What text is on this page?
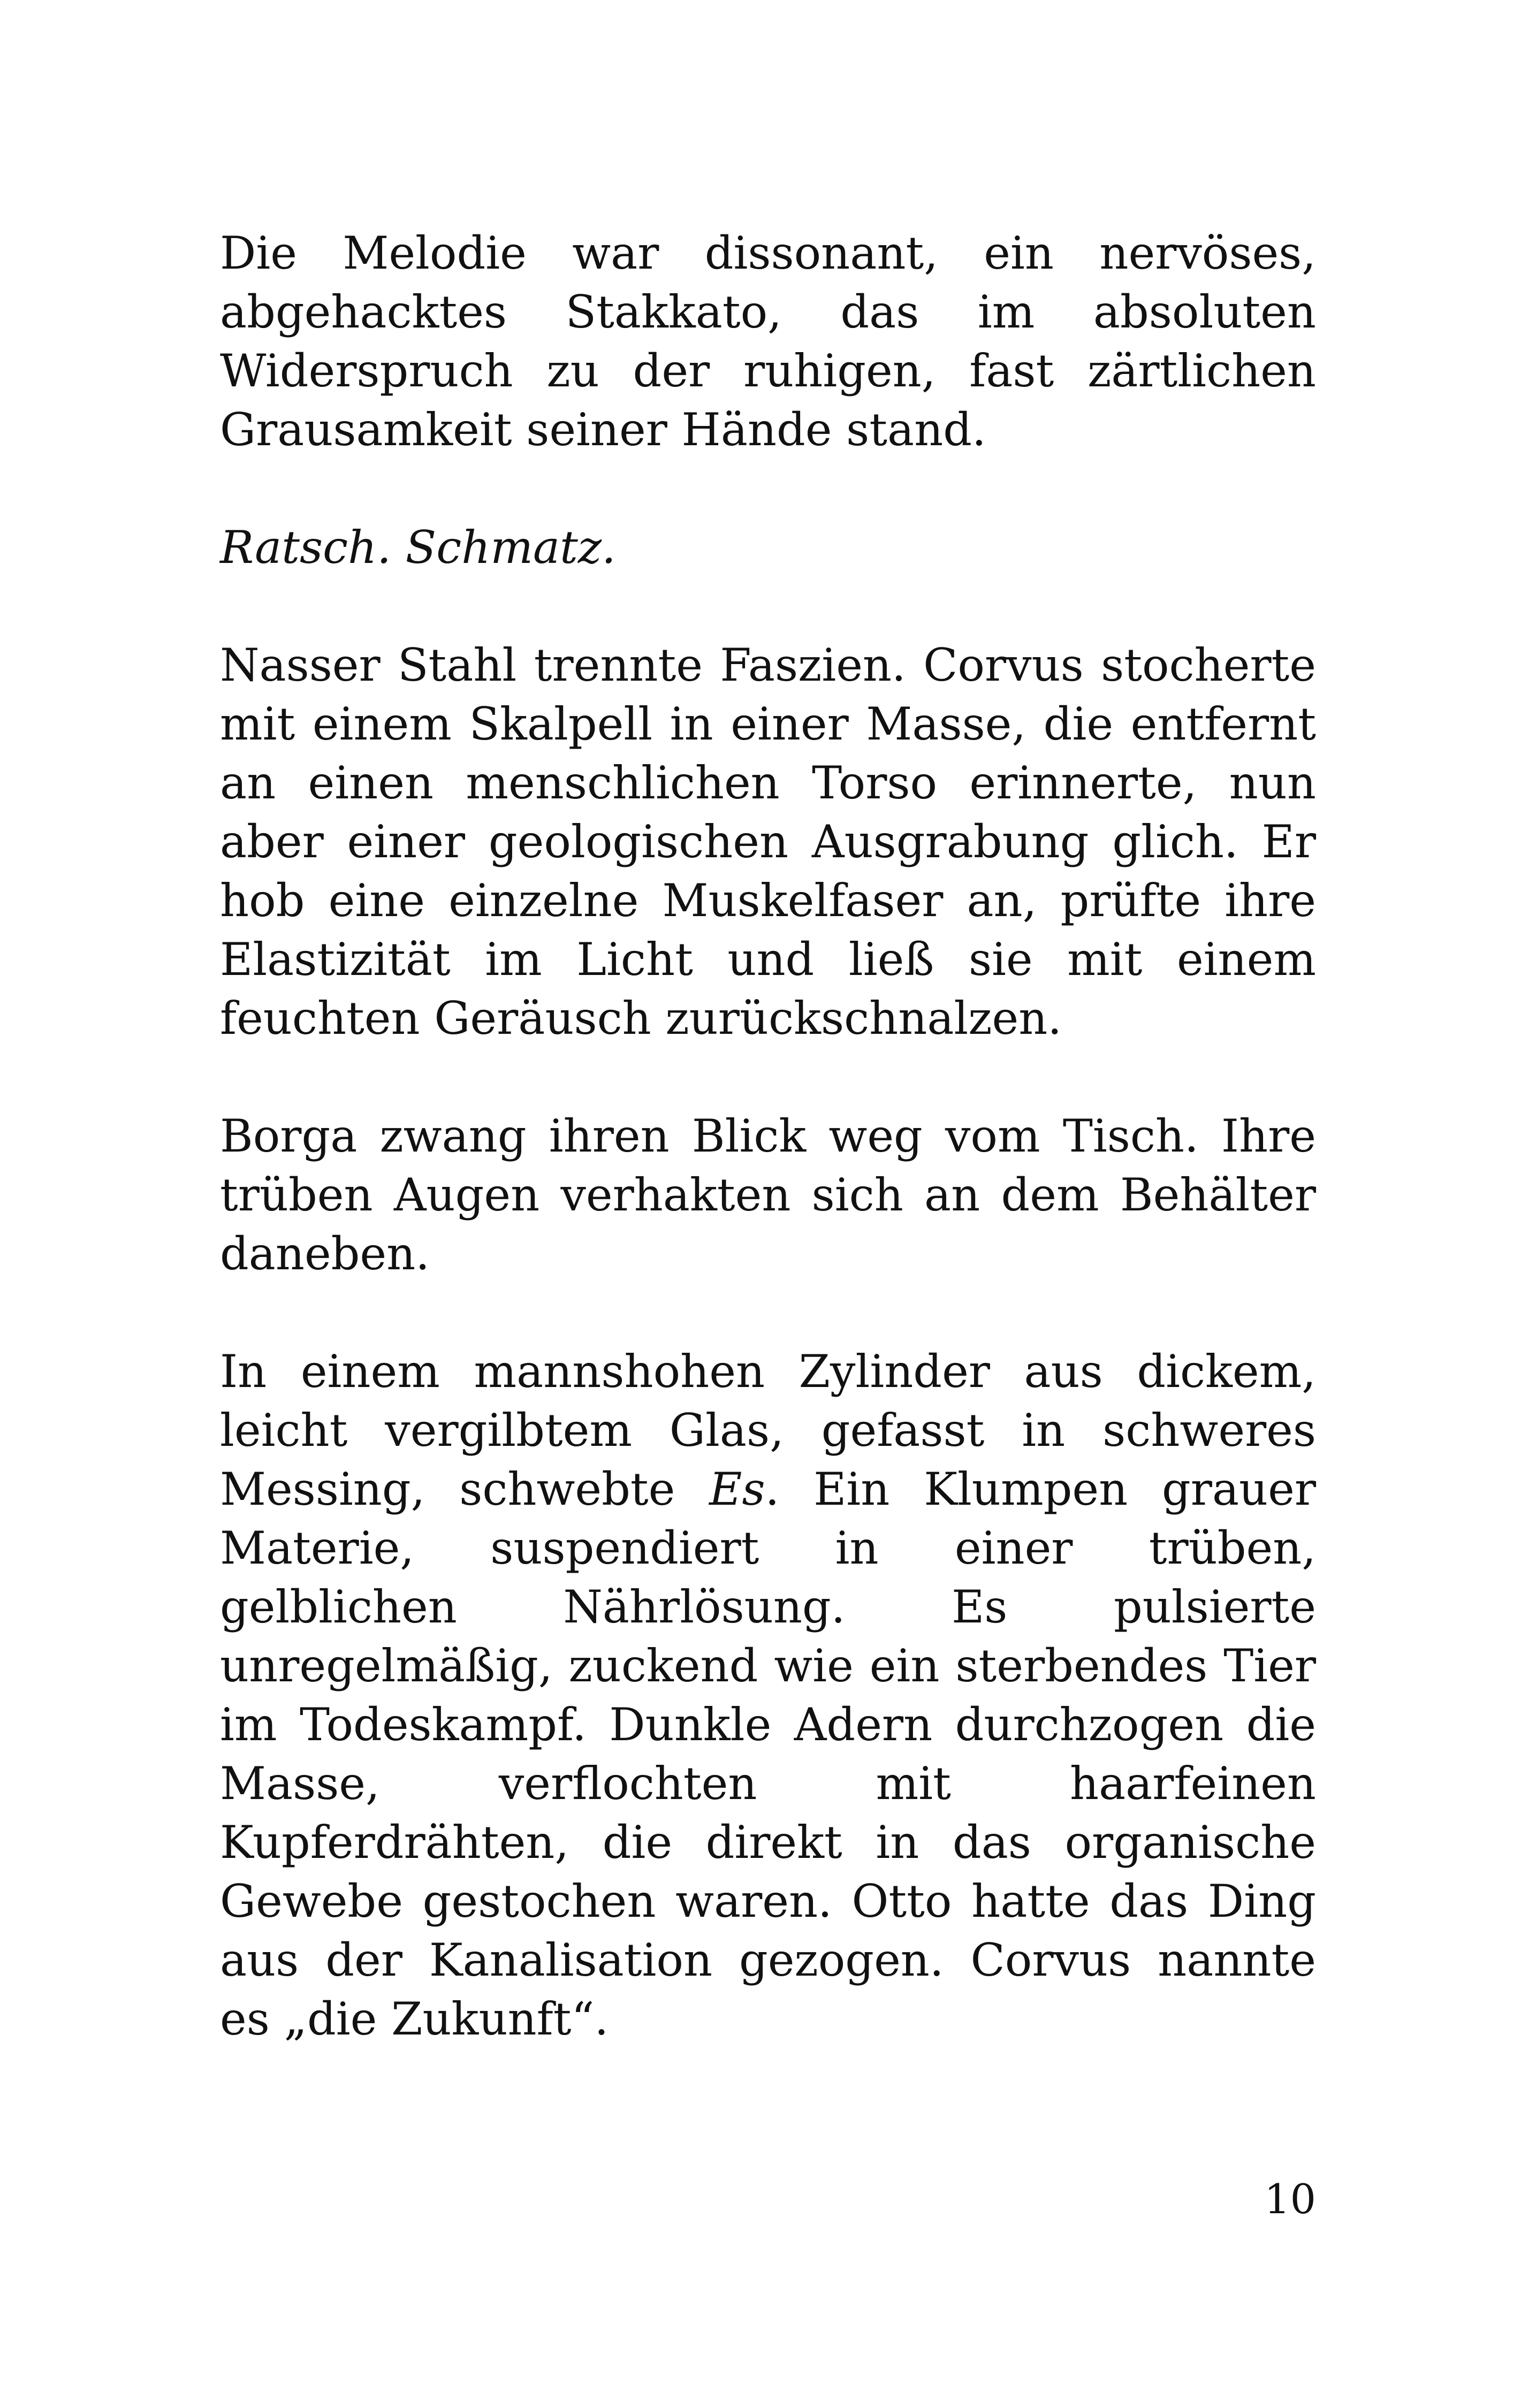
Die Melodie war dissonant, ein nervöses, abgehacktes Stakkato, das im absoluten Widerspruch zu der ruhigen, fast zärtlichen Grausamkeit seiner Hände stand.

Ratsch. Schmatz.

Nasser Stahl trennte Faszien. Corvus stocherte mit einem Skalpell in einer Masse, die entfernt an einen menschlichen Torso erinnerte, nun aber einer geologischen Ausgrabung glich. Er hob eine einzelne Muskelfaser an, prüfte ihre Elastizität im Licht und ließ sie mit einem feuchten Geräusch zurückschnalzen.

Borga zwang ihren Blick weg vom Tisch. Ihre trüben Augen verhakten sich an dem Behälter daneben.

In einem mannshohen Zylinder aus dickem, leicht vergilbtem Glas, gefasst in schweres Messing, schwebte Es. Ein Klumpen grauer Materie, suspendiert in einer trüben, gelblichen Nährlösung. Es pulsierte unregelmäßig, zuckend wie ein sterbendes Tier im Todeskampf. Dunkle Adern durchzogen die Masse, verflochten mit haarfeinen Kupferdrähten, die direkt in das organische Gewebe gestochen waren. Otto hatte das Ding aus der Kanalisation gezogen. Corvus nannte es „die Zukunft“.

10
